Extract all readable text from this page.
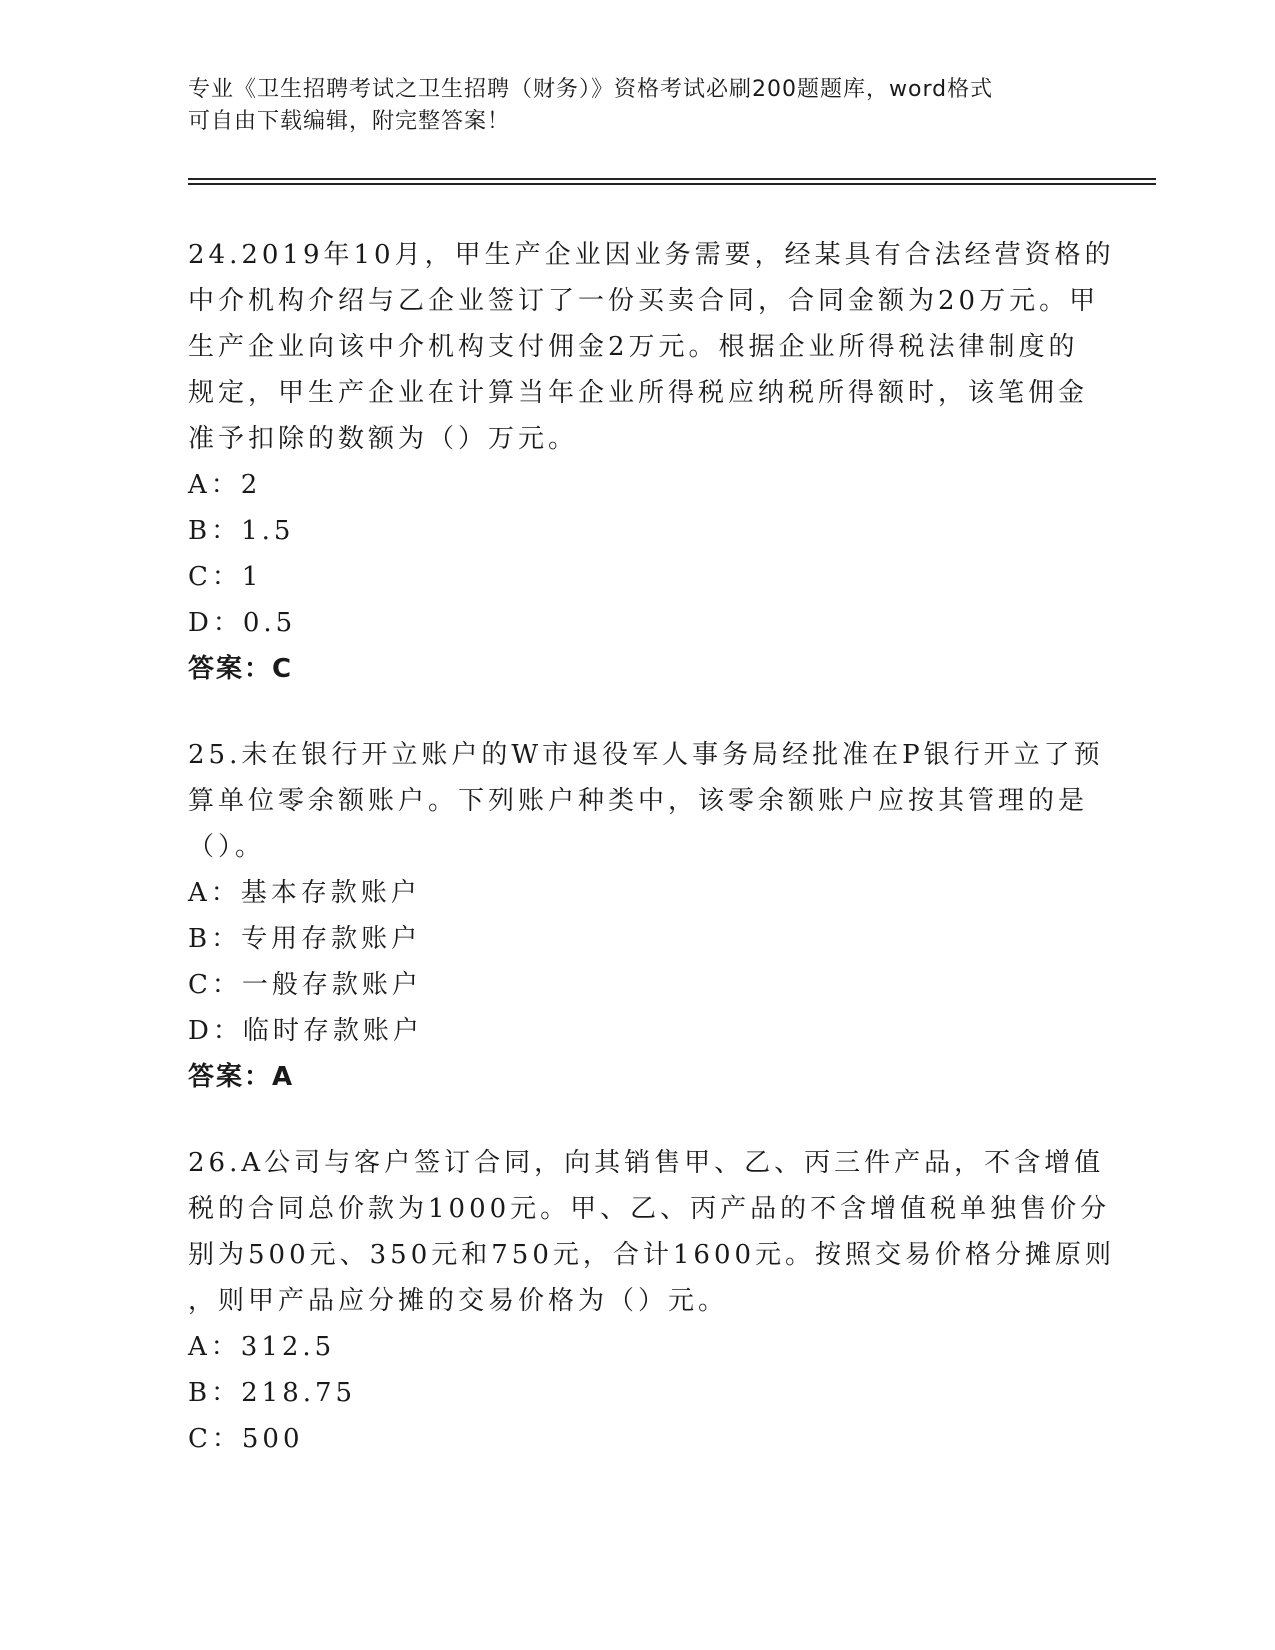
专业《卫生招聘考试之卫生招聘（财务）》资格考试必刷200题题库，word格式
可自由下载编辑，附完整答案！
24.2019年10月，甲生产企业因业务需要，经某具有合法经营资格的
中介机构介绍与乙企业签订了一份买卖合同，合同金额为20万元。甲
生产企业向该中介机构支付佣金2万元。根据企业所得税法律制度的
规定，甲生产企业在计算当年企业所得税应纳税所得额时，该笔佣金
准予扣除的数额为（）万元。
A：2
B：1.5
C：1
D：0.5
答案：C
25.未在银行开立账户的W市退役军人事务局经批准在P银行开立了预
算单位零余额账户。下列账户种类中，该零余额账户应按其管理的是
（）。
A：基本存款账户
B：专用存款账户
C：一般存款账户
D：临时存款账户
答案：A
26.A公司与客户签订合同，向其销售甲、乙、丙三件产品，不含增值
税的合同总价款为1000元。甲、乙、丙产品的不含增值税单独售价分
别为500元、350元和750元，合计1600元。按照交易价格分摊原则
，则甲产品应分摊的交易价格为（）元。
A：312.5
B：218.75
C：500
